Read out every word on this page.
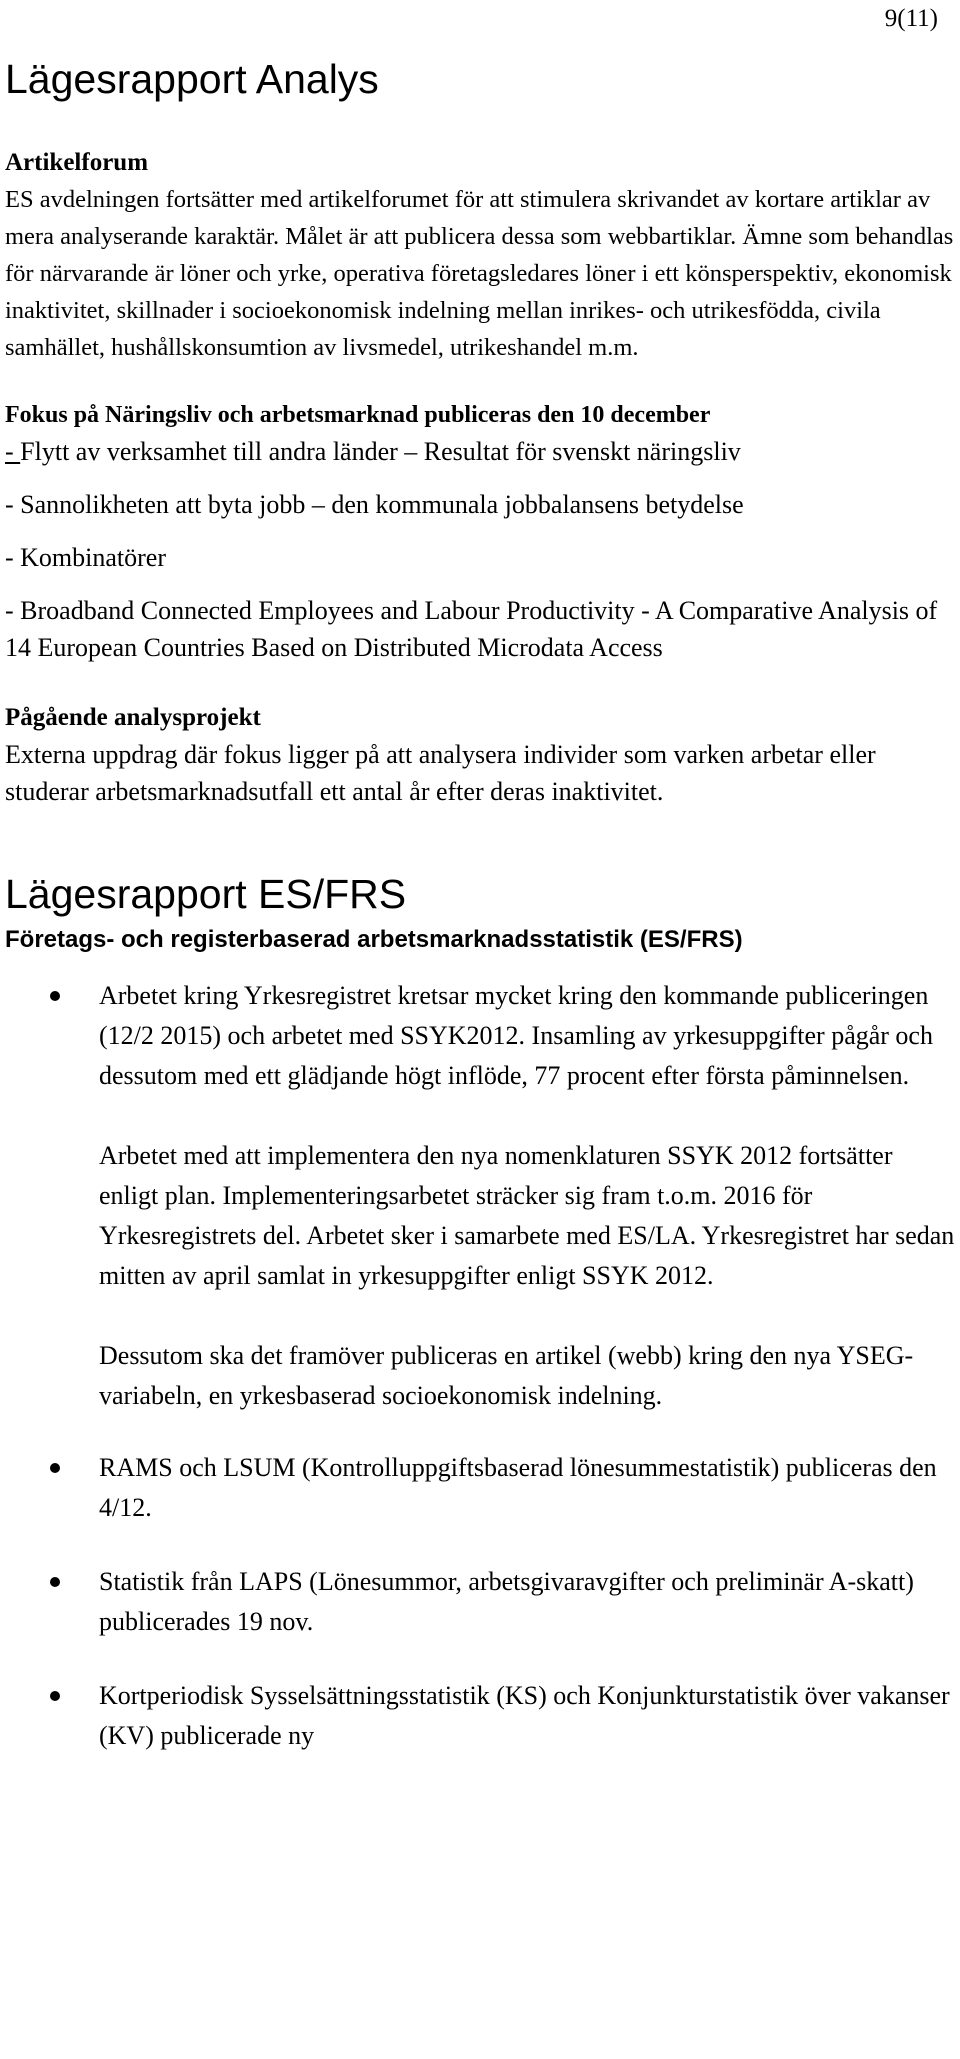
9(11)
Lägesrapport Analys
Artikelforum

ES avdelningen fortsätter med artikelforumet för att stimulera skrivandet av kortare artiklar av mera analyserande karaktär. Målet är att publicera dessa som webbartiklar. Ämne som behandlas för närvarande är löner och yrke, operativa företagsledares löner i ett könsperspektiv, ekonomisk inaktivitet, skillnader i socioekonomisk indelning mellan inrikes- och utrikesfödda, civila samhället, hushållskonsumtion av livsmedel, utrikeshandel m.m.

Fokus på Näringsliv och arbetsmarknad publiceras den 10 december

- Flytt av verksamhet till andra länder – Resultat för svenskt näringsliv

- Sannolikheten att byta jobb – den kommunala jobbalansens betydelse

- Kombinatörer

- Broadband Connected Employees and Labour Productivity - A Comparative Analysis of 14 European Countries Based on Distributed Microdata Access

Pågående analysprojekt

Externa uppdrag där fokus ligger på att analysera individer som varken arbetar eller studerar arbetsmarknadsutfall ett antal år efter deras inaktivitet.

Lägesrapport ES/FRS
Företags- och registerbaserad arbetsmarknadsstatistik (ES/FRS)
Arbetet kring Yrkesregistret kretsar mycket kring den kommande publiceringen (12/2 2015) och arbetet med SSYK2012. Insamling av yrkesuppgifter pågår och dessutom med ett glädjande högt inflöde, 77 procent efter första påminnelsen.

Arbetet med att implementera den nya nomenklaturen SSYK 2012 fortsätter enligt plan. Implementeringsarbetet sträcker sig fram t.o.m. 2016 för Yrkesregistrets del. Arbetet sker i samarbete med ES/LA. Yrkesregistret har sedan mitten av april samlat in yrkesuppgifter enligt SSYK 2012.

Dessutom ska det framöver publiceras en artikel (webb) kring den nya YSEG-variabeln, en yrkesbaserad socioekonomisk indelning.

RAMS och LSUM (Kontrolluppgiftsbaserad lönesummestatistik) publiceras den 4/12.
Statistik från LAPS (Lönesummor, arbetsgivaravgifter och preliminär A-skatt) publicerades 19 nov.
Kortperiodisk Sysselsättningsstatistik (KS) och Konjunkturstatistik över vakanser (KV) publicerade ny
